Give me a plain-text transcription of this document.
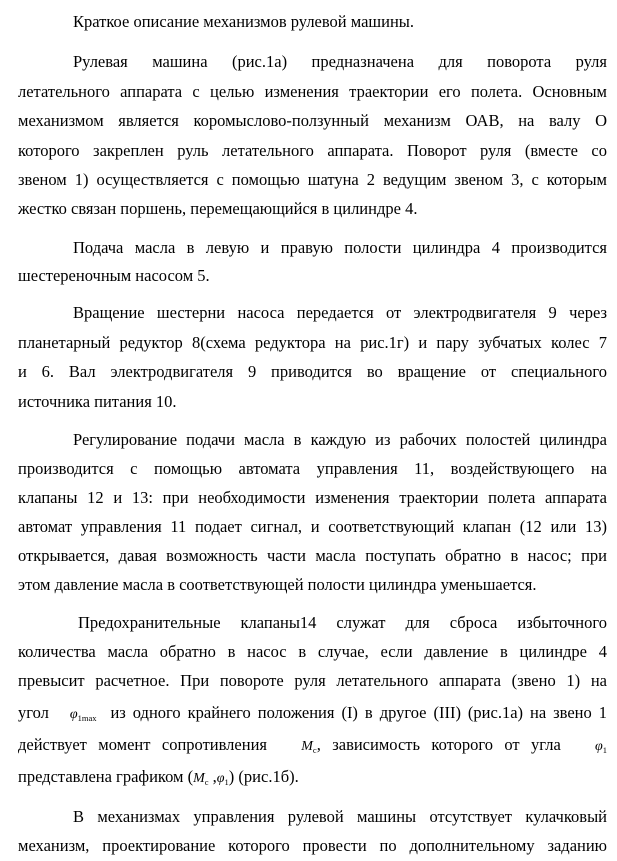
Краткое описание механизмов рулевой машины.
Рулевая машина (рис.1а) предназначена для поворота руля
летательного аппарата с целью изменения траектории его полета. Основным
механизмом является коромыслово-ползунный механизм ОАВ, на валу О
которого закреплен руль летательного аппарата. Поворот руля (вместе со
звеном 1) осуществляется с помощью шатуна 2 ведущим звеном 3, с которым
жестко связан поршень, перемещающийся в цилиндре 4.
Подача масла в левую и правую полости цилиндра 4 производится
шестереночным насосом 5.
Вращение шестерни насоса передается от электродвигателя 9 через
планетарный редуктор 8(схема редуктора на рис.1г) и пару зубчатых колес 7
и 6. Вал электродвигателя 9 приводится во вращение от специального
источника питания 10.
Регулирование подачи масла в каждую из рабочих полостей цилиндра
производится с помощью автомата управления 11, воздействующего на
клапаны 12 и 13: при необходимости изменения траектории полета аппарата
автомат управления 11 подает сигнал, и соответствующий клапан (12 или 13)
открывается, давая возможность части масла поступать обратно в насос; при
этом давление масла в соответствующей полости цилиндра уменьшается.
Предохранительные клапаны14 служат для сброса избыточного
количества масла обратно в насос в случае, если давление в цилиндре 4
превысит расчетное. При повороте руля летательного аппарата (звено 1) на
угол $\varphi_{1max}$ из одного крайнего положения (I) в другое (III) (рис.1а) на звено 1
действует момент сопротивления $M_c$, зависимость которого от угла $\varphi_1$
представлена графиком ($M_c$ $,\varphi_1$) (рис.1б).
В механизмах управления рулевой машины отсутствует кулачковый
механизм, проектирование которого провести по дополнительному заданию
